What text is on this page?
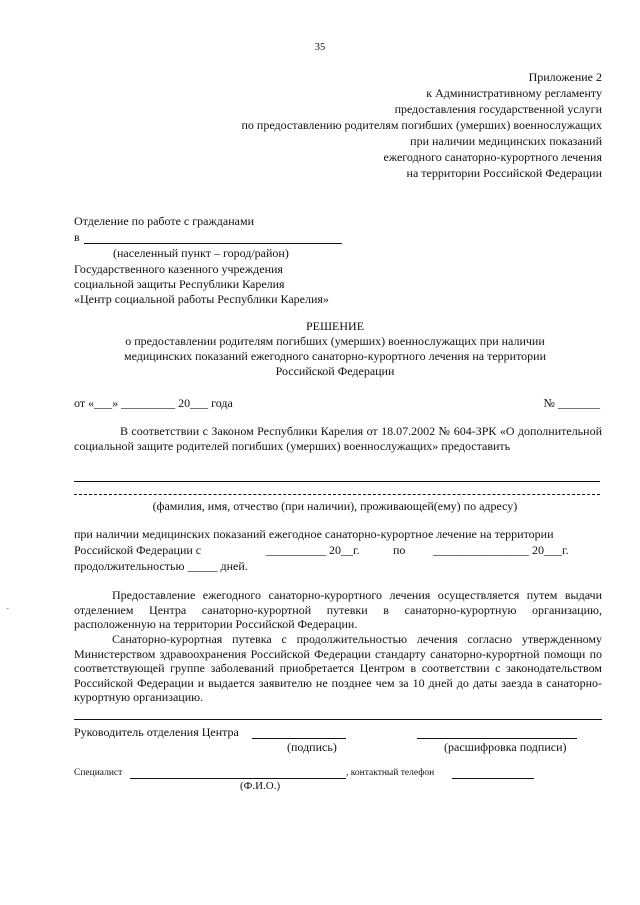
35
Приложение 2
к Административному регламенту
предоставления государственной услуги
по предоставлению родителям погибших (умерших) военнослужащих
при наличии медицинских показаний
ежегодного санаторно-курортного лечения
на территории Российской Федерации
Отделение по работе с гражданами
в
(населенный пункт – город/район)
Государственного казенного учреждения
социальной защиты Республики Карелия
«Центр социальной работы Республики Карелия»
РЕШЕНИЕ
о предоставлении родителям погибших (умерших) военнослужащих при наличии
медицинских показаний ежегодного санаторно-курортного лечения на территории
Российской Федерации
от «___» _________ 20___ года	№ _______
В соответствии с Законом Республики Карелия от 18.07.2002 № 604-ЗРК «О дополнительной социальной защите родителей погибших (умерших) военнослужащих» предоставить
(фамилия, имя, отчество (при наличии), проживающей(ему) по адресу)
при наличии медицинских показаний ежегодное санаторно-курортное лечение на территории
Российской Федерации с	__________ 20__г.	по ________________ 20___г.
продолжительностью _____ дней.
Предоставление ежегодного санаторно-курортного лечения осуществляется путем выдачи отделением Центра санаторно-курортной путевки в санаторно-курортную организацию, расположенную на территории Российской Федерации.
Санаторно-курортная путевка с продолжительностью лечения согласно утвержденному Министерством здравоохранения Российской Федерации стандарту санаторно-курортной помощи по соответствующей группе заболеваний приобретается Центром в соответствии с законодательством Российской Федерации и выдается заявителю не позднее чем за 10 дней до даты заезда в санаторно-курортную организацию.
Руководитель отделения Центра
(подпись)	(расшифровка подписи)
Специалист	, контактный телефон
(Ф.И.О.)
-
